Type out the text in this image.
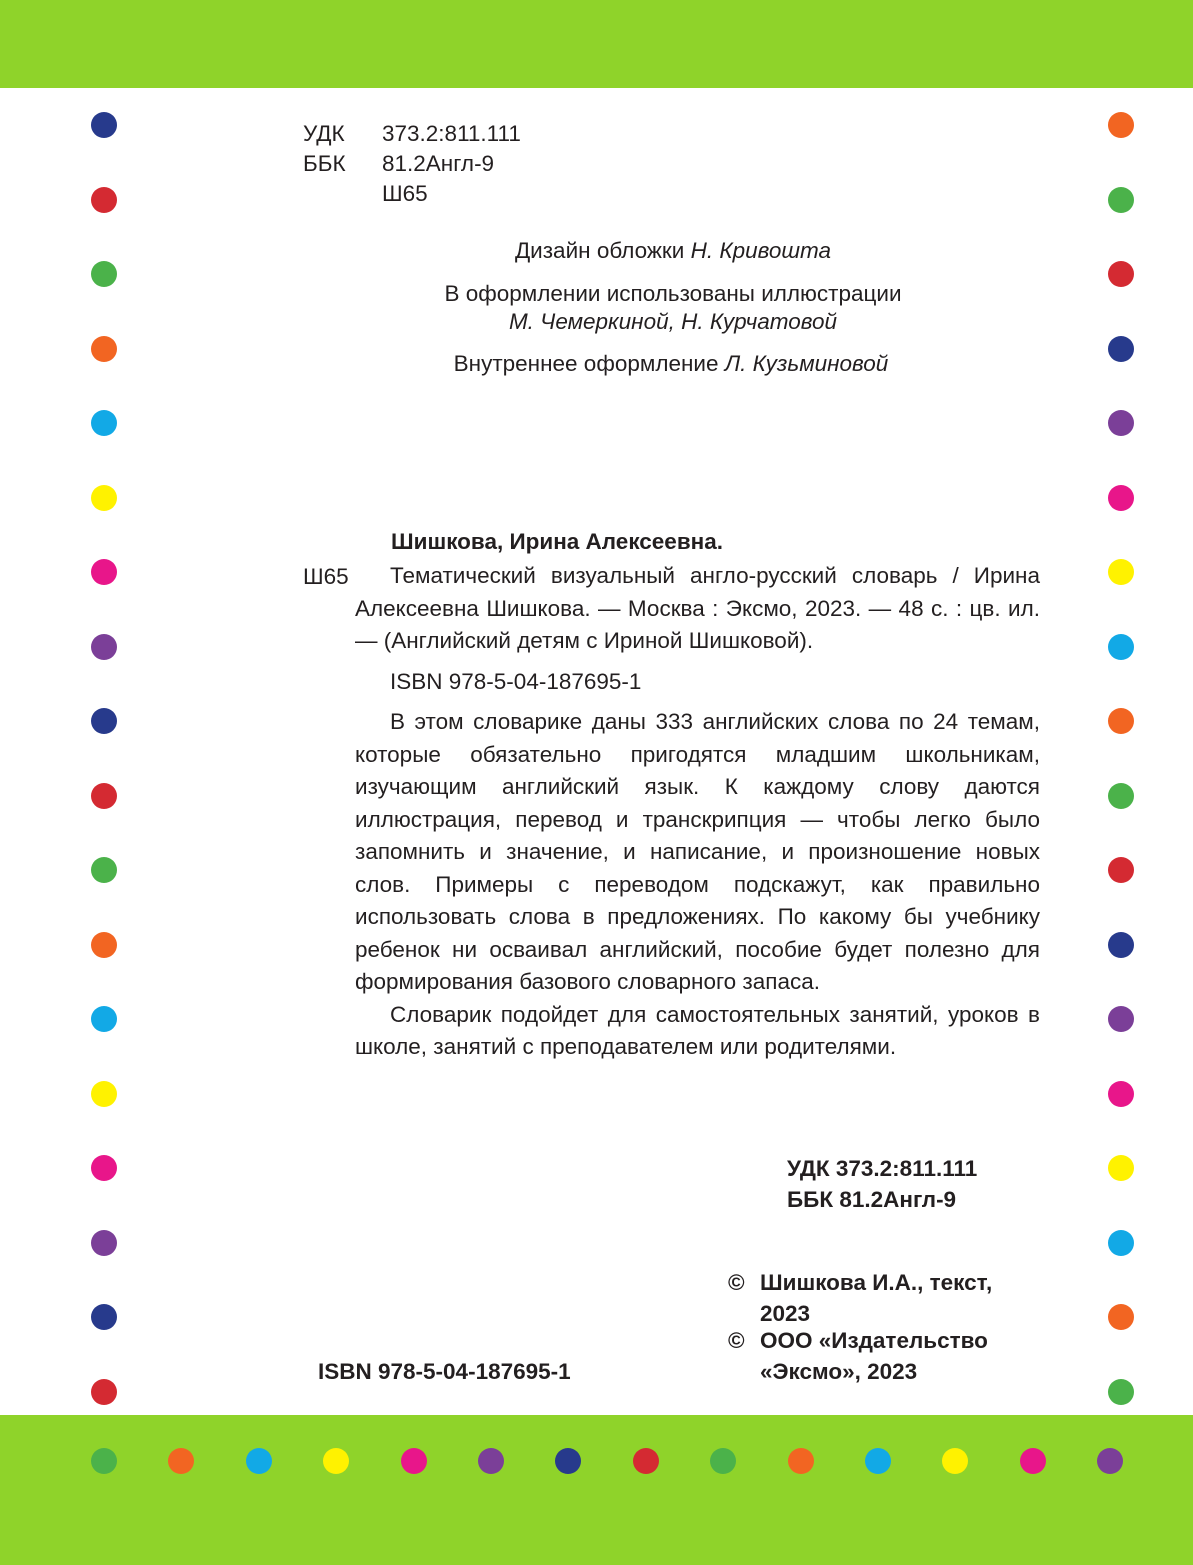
УДК 373.2:811.111
ББК 81.2Англ-9
Ш65
Дизайн обложки Н. Кривошта
В оформлении использованы иллюстрации
М. Чемеркиной, Н. Курчатовой
Внутреннее оформление Л. Кузьминовой
Шишкова, Ирина Алексеевна.
Ш65	Тематический визуальный англо-русский словарь / Ирина Алексеевна Шишкова. — Москва : Эксмо, 2023. — 48 с. : цв. ил. — (Английский детям с Ириной Шишковой).

ISBN 978-5-04-187695-1

В этом словарике даны 333 английских слова по 24 темам, которые обязательно пригодятся младшим школьникам, изучающим английский язык. К каждому слову даются иллюстрация, перевод и транскрипция — чтобы легко было запомнить и значение, и написание, и произношение новых слов. Примеры с переводом подскажут, как правильно использовать слова в предложениях. По какому бы учебнику ребенок ни осваивал английский, пособие будет полезно для формирования базового словарного запаса.

Словарик подойдет для самостоятельных занятий, уроков в школе, занятий с преподавателем или родителями.

УДК 373.2:811.111
ББК 81.2Англ-9
© Шишкова И.А., текст,
2023
© ООО «Издательство
«Эксмо», 2023
ISBN 978-5-04-187695-1
